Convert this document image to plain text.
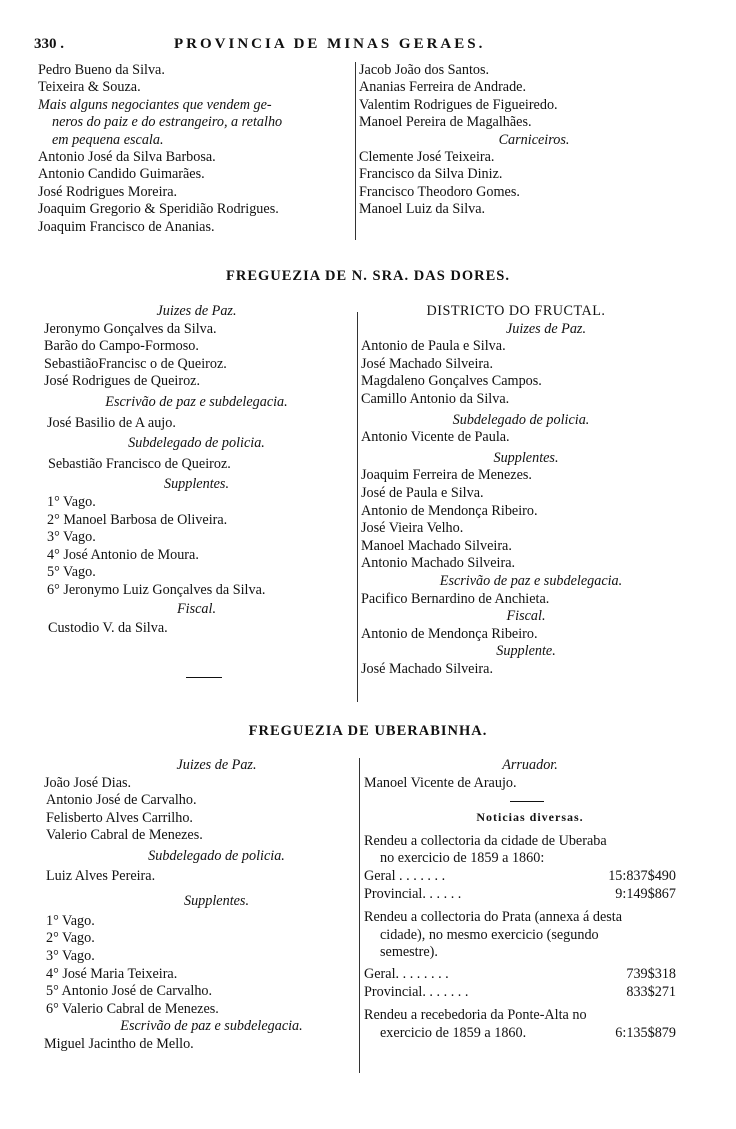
330 .	PROVINCIA DE MINAS GERAES.
Pedro Bueno da Silva.
Teixeira & Souza.
Mais alguns negociantes que vendem ge-
neros do paiz e do estrangeiro, a retalho
em pequena escala.
Antonio José da Silva Barbosa.
Antonio Candido Guimarães.
José Rodrigues Moreira.
Joaquim Gregorio & Speridião Rodrigues.
Joaquim Francisco de Ananias.
Jacob João dos Santos.
Ananias Ferreira de Andrade.
Valentim Rodrigues de Figueiredo.
Manoel Pereira de Magalhães.
Carniceiros.
Clemente José Teixeira.
Francisco da Silva Diniz.
Francisco Theodoro Gomes.
Manoel Luiz da Silva.
FREGUEZIA DE N. SRA. DAS DORES.
Juizes de Paz.
Jeronymo Gonçalves da Silva.
Barão do Campo-Formoso.
SebastiãoFrancisc o de Queiroz.
José Rodrigues de Queiroz.
Escrivão de paz e subdelegacia.
José Basilio de A aujo.
Subdelegado de policia.
Sebastião Francisco de Queiroz.
Supplentes.
1° Vago.
2° Manoel Barbosa de Oliveira.
3° Vago.
4° José Antonio de Moura.
5° Vago.
6° Jeronymo Luiz Gonçalves da Silva.
Fiscal.
Custodio V. da Silva.
DISTRICTO DO FRUCTAL.
Juizes de Paz.
Antonio de Paula e Silva.
José Machado Silveira.
Magdaleno Gonçalves Campos.
Camillo Antonio da Silva.
Subdelegado de policia.
Antonio Vicente de Paula.
Supplentes.
Joaquim Ferreira de Menezes.
José de Paula e Silva.
Antonio de Mendonça Ribeiro.
José Vieira Velho.
Manoel Machado Silveira.
Antonio Machado Silveira.
Escrivão de paz e subdelegacia.
Pacifico Bernardino de Anchieta.
Fiscal.
Antonio de Mendonça Ribeiro.
Supplente.
José Machado Silveira.
FREGUEZIA DE UBERABINHA.
Juizes de Paz.
João José Dias.
Antonio José de Carvalho.
Felisberto Alves Carrilho.
Valerio Cabral de Menezes.
Subdelegado de policia.
Luiz Alves Pereira.
Supplentes.
1° Vago.
2° Vago.
3° Vago.
4° José Maria Teixeira.
5° Antonio José de Carvalho.
6° Valerio Cabral de Menezes.
Escrivão de paz e subdelegacia.
Miguel Jacintho de Mello.
Arruador.
Manoel Vicente de Araujo.
Noticias diversas.
Rendeu a collectoria da cidade de Uberaba
no exercicio de 1859 a 1860:
Geral . . . . . . .	15:837$490
Provincial. . . . . .	9:149$867
Rendeu a collectoria do Prata (annexa á desta
cidade), no mesmo exercicio (segundo
semestre).
Geral. . . . . . . .	739$318
Provincial. . . . . . .	833$271
Rendeu a recebedoria da Ponte-Alta no
exercicio de 1859 a 1860.	6:135$879
